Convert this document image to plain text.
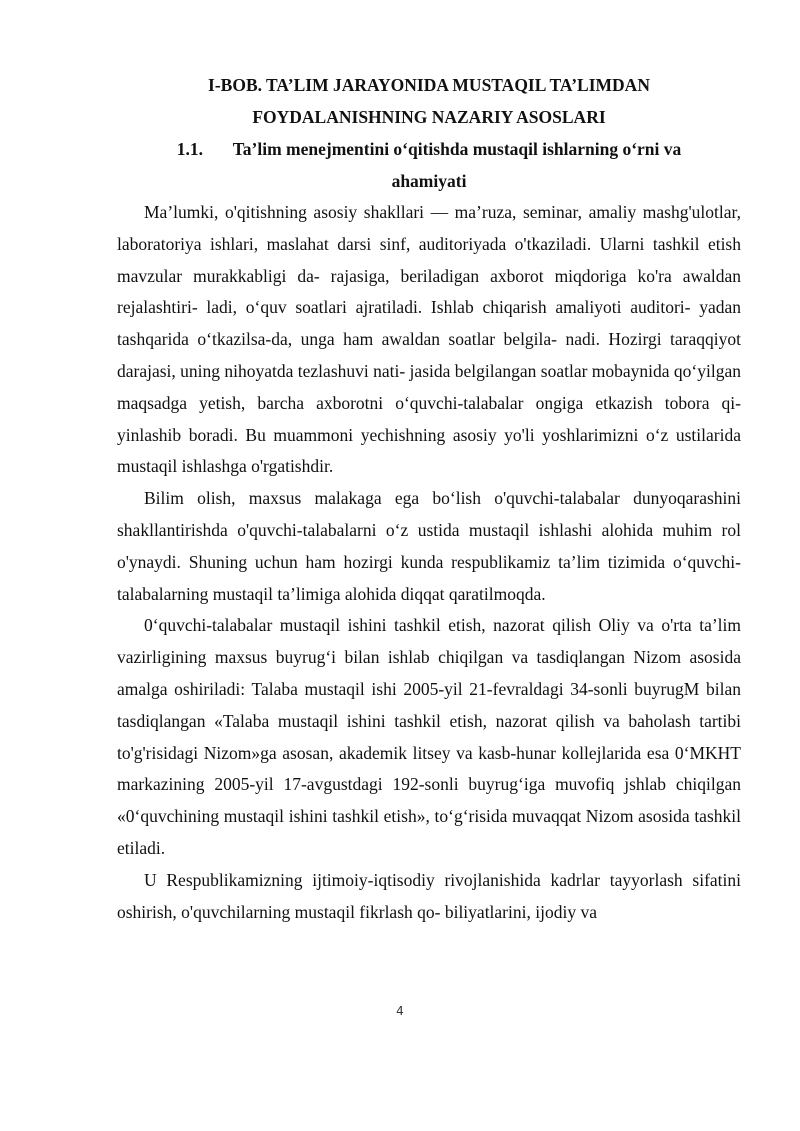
I-BOB. TA’LIM JARAYONIDA MUSTAQIL TA’LIMDAN

FOYDALANISHNING NAZARIY ASOSLARI

1.1. Ta’lim menejmentini o‘qitishda mustaqil ishlarning o‘rni va

ahamiyati

Ma’lumki, o'qitishning asosiy shakllari — ma’ruza, seminar, amaliy mashg'ulotlar, laboratoriya ishlari, maslahat darsi sinf, auditoriyada o'tkaziladi. Ularni tashkil etish mavzular murakkabligi da- rajasiga, beriladigan axborot miqdoriga ko'ra awaldan rejalashtiri- ladi, o‘quv soatlari ajratiladi. Ishlab chiqarish amaliyoti auditori- yadan tashqarida o‘tkazilsa-da, unga ham awaldan soatlar belgila- nadi. Hozirgi taraqqiyot darajasi, uning nihoyatda tezlashuvi nati- jasida belgilangan soatlar mobaynida qo‘yilgan maqsadga yetish, barcha axborotni o‘quvchi-talabalar ongiga etkazish tobora qi- yinlashib boradi. Bu muammoni yechishning asosiy yo'li yoshlarimizni o‘z ustilarida mustaqil ishlashga o'rgatishdir.

Bilim olish, maxsus malakaga ega bo‘lish o'quvchi-talabalar dunyoqarashini shakllantirishda o'quvchi-talabalarni o‘z ustida mustaqil ishlashi alohida muhim rol o'ynaydi. Shuning uchun ham hozirgi kunda respublikamiz ta’lim tizimida o‘quvchi-talabalarning mustaqil ta’limiga alohida diqqat qaratilmoqda.

0‘quvchi-talabalar mustaqil ishini tashkil etish, nazorat qilish Oliy va o'rta ta’lim vazirligining maxsus buyrug‘i bilan ishlab chiqilgan va tasdiqlangan Nizom asosida amalga oshiriladi: Talaba mustaqil ishi 2005-yil 21-fevraldagi 34-sonli buyrugM bilan tasdiqlangan «Talaba mustaqil ishini tashkil etish, nazorat qilish va baholash tartibi to'g'risidagi Nizom»ga asosan, akademik litsey va kasb-hunar kollejlarida esa 0‘MKHT markazining 2005-yil 17-avgustdagi 192-sonli buyrug‘iga muvofiq jshlab chiqilgan «0‘quvchining mustaqil ishini tashkil etish», to‘g‘risida muvaqqat Nizom asosida tashkil etiladi.

U Respublikamizning ijtimoiy-iqtisodiy rivojlanishida kadrlar tayyorlash sifatini oshirish, o'quvchilarning mustaqil fikrlash qo- biliyatlarini, ijodiy va

4
